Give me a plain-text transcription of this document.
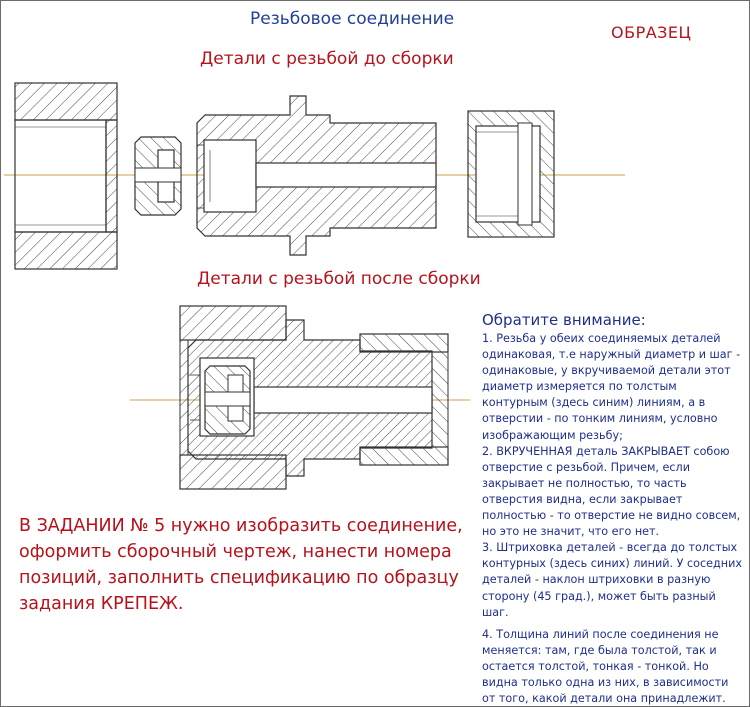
Резьбовое соединение
ОБРАЗЕЦ
Детали с резьбой до сборки
Детали с резьбой после сборки
Обратите внимание:
1. Резьба у обеих соединяемых деталей одинаковая, т.е наружный диаметр и шаг - одинаковые, у вкручиваемой детали этот диаметр измеряется по толстым контурным (здесь синим) линиям, а в отверстии - по тонким линиям, условно изображающим резьбу;
2. ВКРУЧЕННАЯ деталь ЗАКРЫВАЕТ собою отверстие с резьбой. Причем, если закрывает не полностью, то часть отверстия видна, если закрывает полностью - то отверстие не видно совсем, но это не значит, что его нет.
3. Штриховка деталей - всегда до толстых контурных (здесь синих) линий. У соседних деталей - наклон штриховки в разную сторону (45 град.), может быть разный шаг.
4. Толщина линий после соединения не меняется: там, где была толстой, так и остается толстой, тонкая - тонкой. Но видна только одна из них, в зависимости от того, какой детали она принадлежит.
В ЗАДАНИИ № 5 нужно изобразить соединение, оформить сборочный чертеж, нанести номера позиций, заполнить спецификацию по образцу задания КРЕПЕЖ.
